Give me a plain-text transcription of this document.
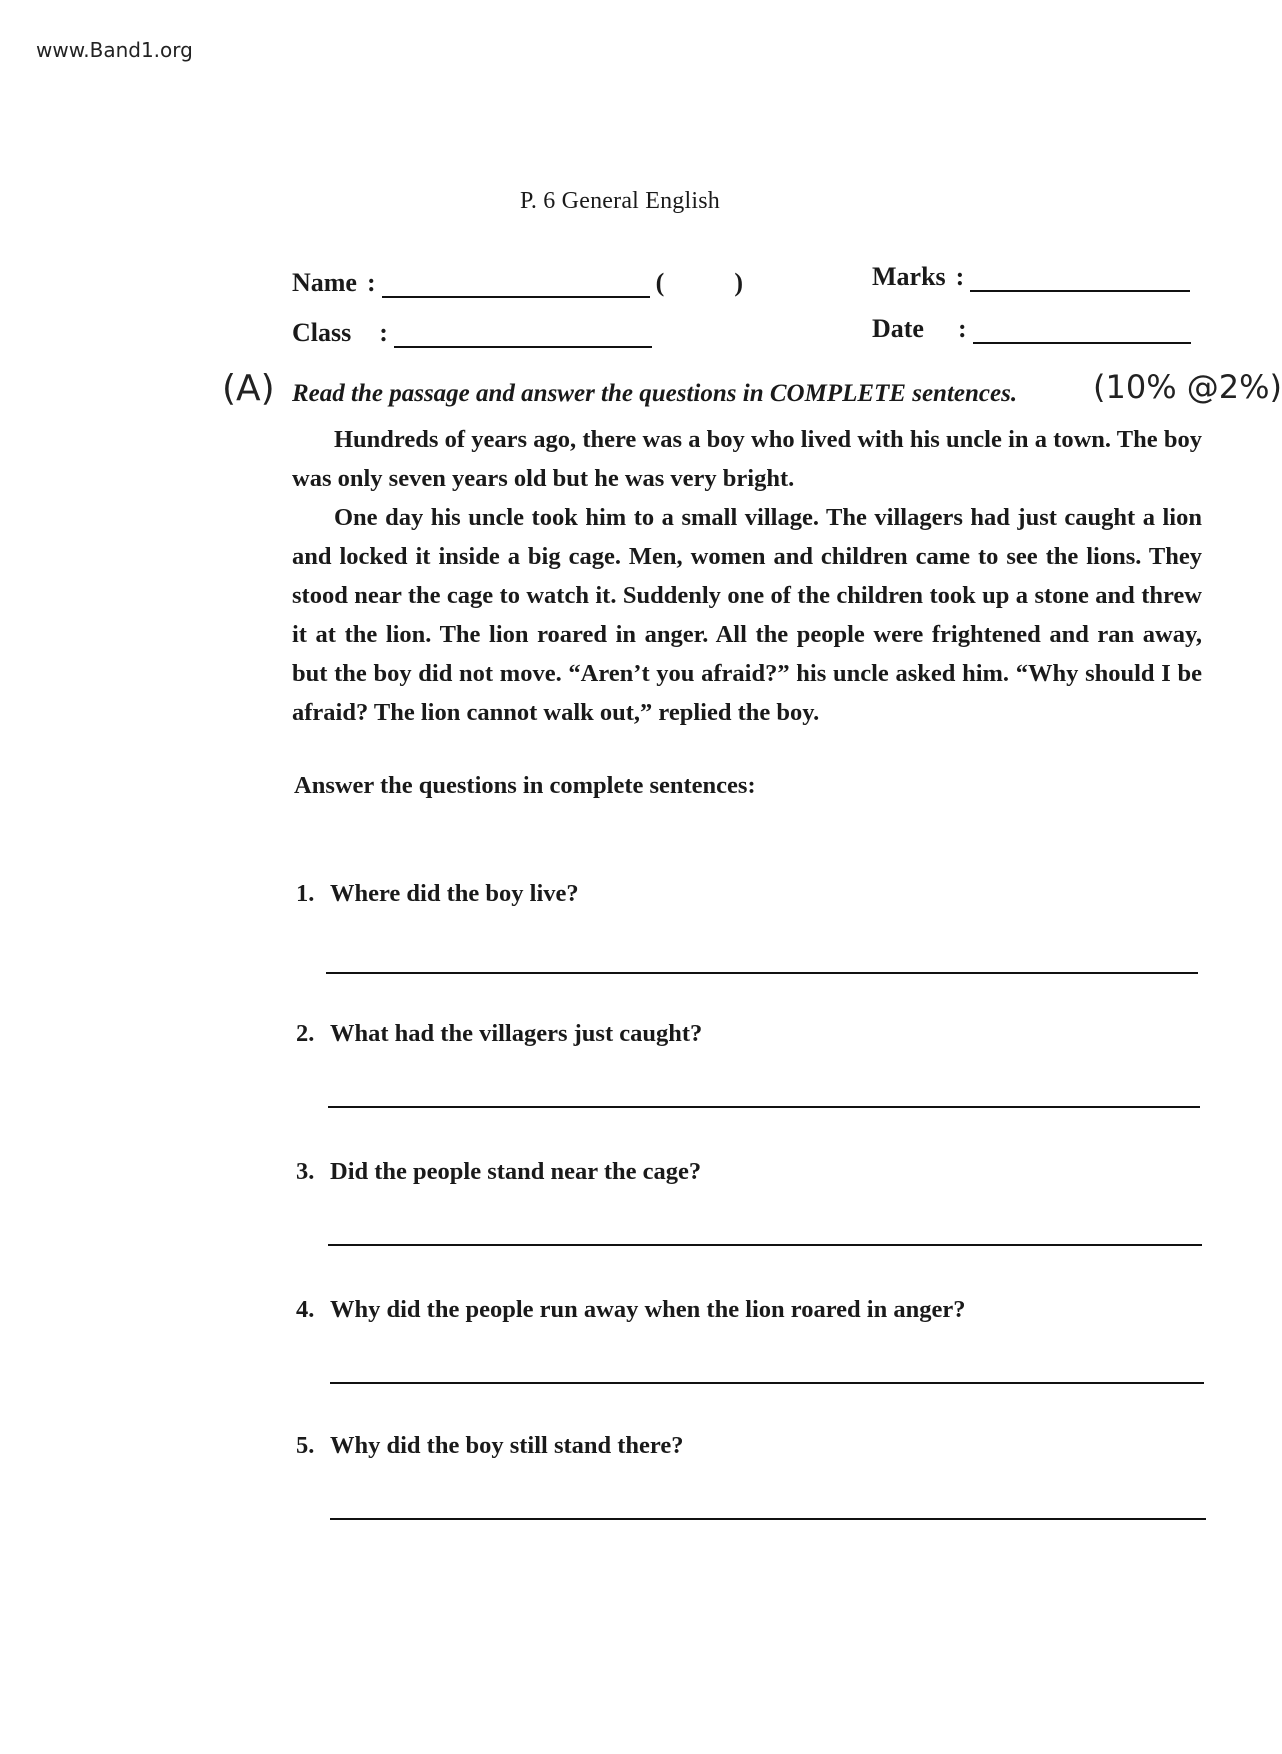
www.Band1.org
P. 6 General English
Name :	(	)	Marks :
Class :	Date :
(A) Read the passage and answer the questions in COMPLETE sentences. (10% @2%)

Hundreds of years ago, there was a boy who lived with his uncle in a town. The boy was only seven years old but he was very bright.

One day his uncle took him to a small village. The villagers had just caught a lion and locked it inside a big cage. Men, women and children came to see the lions. They stood near the cage to watch it. Suddenly one of the children took up a stone and threw it at the lion. The lion roared in anger. All the people were frightened and ran away, but the boy did not move. “Aren’t you afraid?” his uncle asked him. “Why should I be afraid? The lion cannot walk out,” replied the boy.

Answer the questions in complete sentences:
1. Where did the boy live?
2. What had the villagers just caught?
3. Did the people stand near the cage?
4. Why did the people run away when the lion roared in anger?
5. Why did the boy still stand there?
